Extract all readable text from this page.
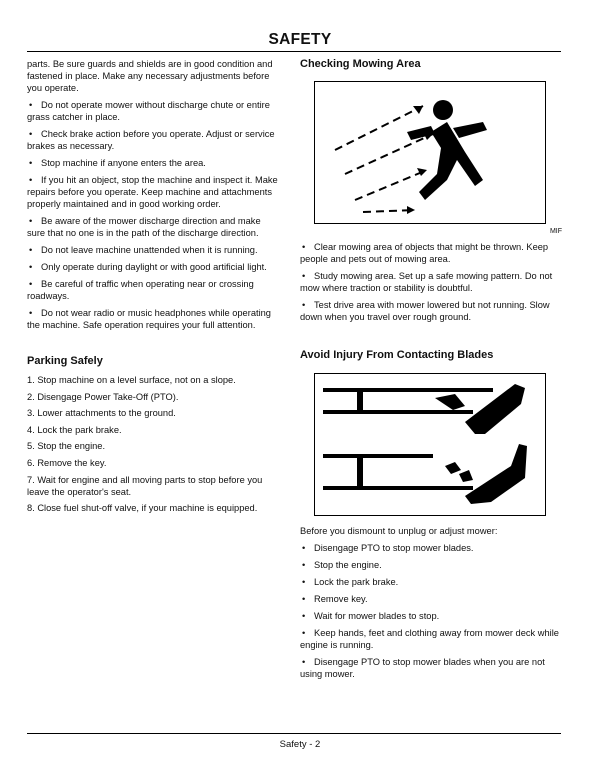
SAFETY

parts. Be sure guards and shields are in good condition and fastened in place. Make any necessary adjustments before you operate.

• Do not operate mower without discharge chute or entire grass catcher in place.

• Check brake action before you operate. Adjust or service brakes as necessary.

• Stop machine if anyone enters the area.

• If you hit an object, stop the machine and inspect it. Make repairs before you operate. Keep machine and attachments properly maintained and in good working order.

• Be aware of the mower discharge direction and make sure that no one is in the path of the discharge direction.

• Do not leave machine unattended when it is running.

• Only operate during daylight or with good artificial light.

• Be careful of traffic when operating near or crossing roadways.

• Do not wear radio or music headphones while operating the machine. Safe operation requires your full attention.

Parking Safely
1. Stop machine on a level surface, not on a slope.
2. Disengage Power Take-Off (PTO).
3. Lower attachments to the ground.
4. Lock the park brake.
5. Stop the engine.
6. Remove the key.
7. Wait for engine and all moving parts to stop before you leave the operator's seat.
8. Close fuel shut-off valve, if your machine is equipped.
Checking Mowing Area
MIF

• Clear mowing area of objects that might be thrown. Keep people and pets out of mowing area.

• Study mowing area. Set up a safe mowing pattern. Do not mow where traction or stability is doubtful.

• Test drive area with mower lowered but not running. Slow down when you travel over rough ground.

Avoid Injury From Contacting Blades

Before you dismount to unplug or adjust mower:

• Disengage PTO to stop mower blades.

• Stop the engine.

• Lock the park brake.

• Remove key.

• Wait for mower blades to stop.

• Keep hands, feet and clothing away from mower deck while engine is running.

• Disengage PTO to stop mower blades when you are not using mower.

Safety - 2
